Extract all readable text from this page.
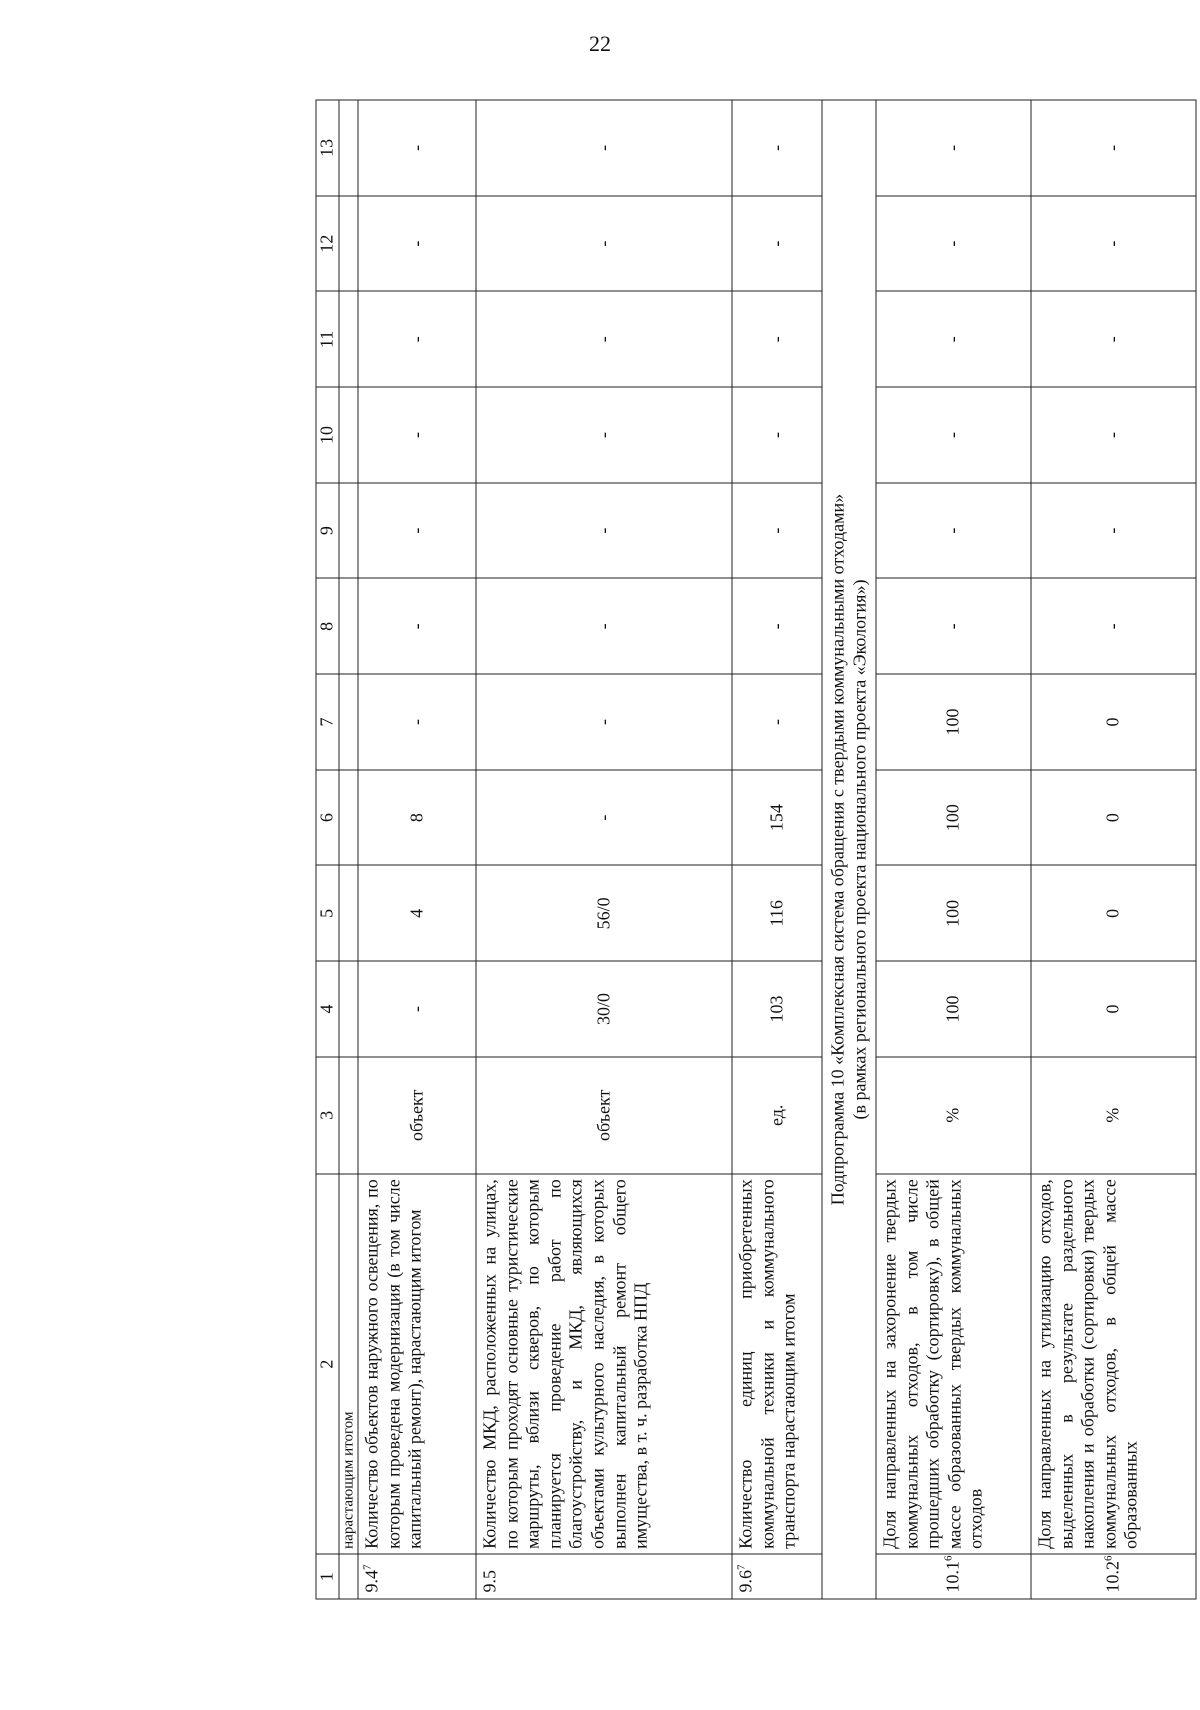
22
1	2	3	4	5	6	7	8	9	10	11	12	13
	нарастающим итогом											
$9.4^7$	Количество объектов наружного освещения, по которым проведена модернизация (в том числе капитальный ремонт), нарастающим итогом	объект	-	4	8	-	-	-	-	-	-	-
9.5	Количество МКД, расположенных на улицах, по которым проходят основные туристические маршруты, вблизи скверов, по которым планируется проведение работ по благоустройству, и МКД, являющихся объектами культурного наследия, в которых выполнен капитальный ремонт общего имущества, в т. ч. разработка НПД	объект	30/0	56/0	-	-	-	-	-	-	-	-
$9.6^7$	Количество единиц приобретенных коммунальной техники и коммунального транспорта нарастающим итогом	ед.	103	116	154	-	-	-	-	-	-	-

Подпрограмма 10 «Комплексная система обращения с твердыми коммунальными отходами» (в рамках регионального проекта национального проекта «Экология»)												

10.1$^6$	Доля направленных на захоронение твердых коммунальных отходов, в том числе прошедших обработку (сортировку), в общей массе образованных твердых коммунальных отходов	%	100	100	100	100	-	-	-	-	-	-
10.2$^6$	Доля направленных на утилизацию отходов, выделенных в результате раздельного накопления и обработки (сортировки) твердых коммунальных отходов, в общей массе образованных	%	0	0	0	0	-	-	-	-	-	-
